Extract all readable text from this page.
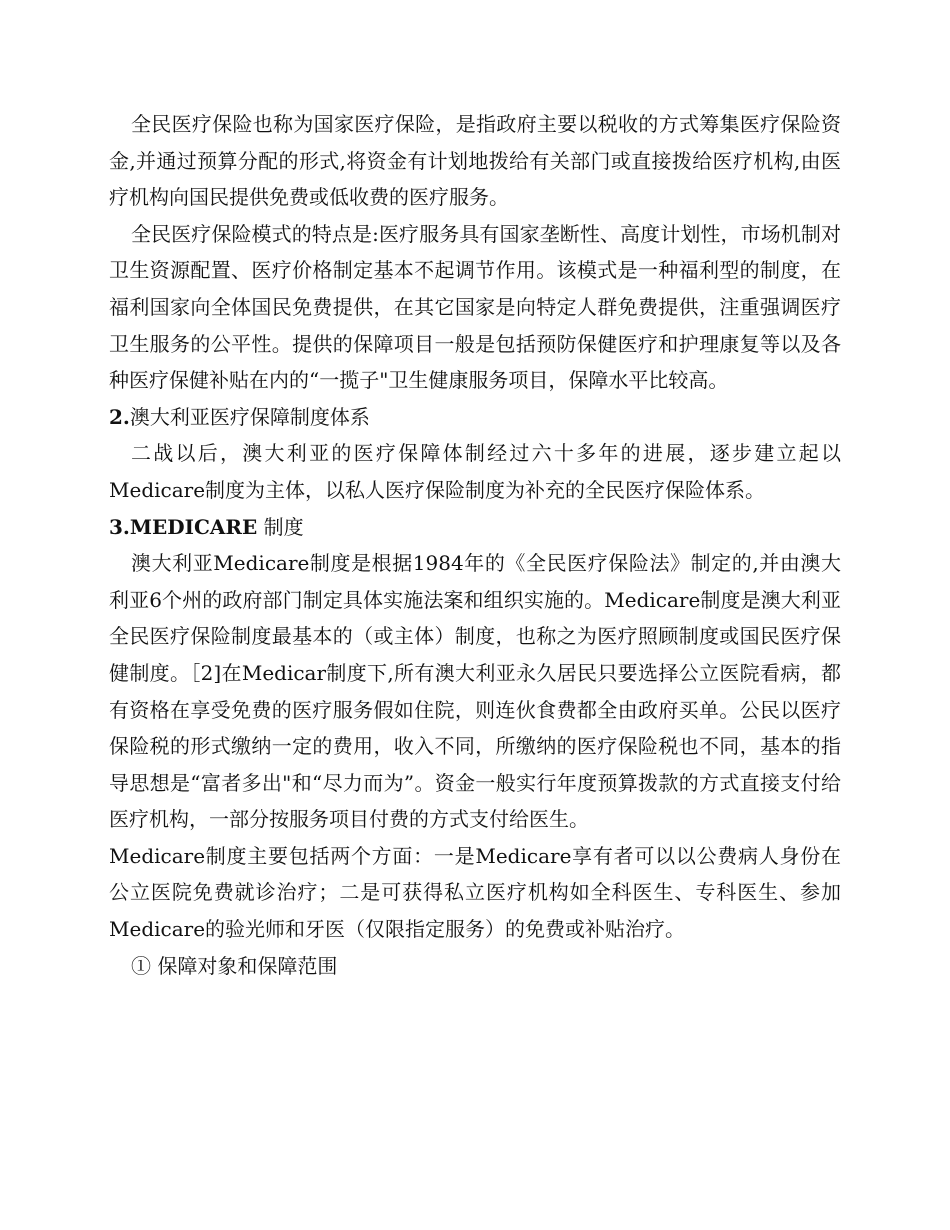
全民医疗保险也称为国家医疗保险，是指政府主要以税收的方式筹集医疗保险资金,并通过预算分配的形式,将资金有计划地拨给有关部门或直接拨给医疗机构,由医疗机构向国民提供免费或低收费的医疗服务。

全民医疗保险模式的特点是:医疗服务具有国家垄断性、高度计划性，市场机制对卫生资源配置、医疗价格制定基本不起调节作用。该模式是一种福利型的制度，在福利国家向全体国民免费提供，在其它国家是向特定人群免费提供，注重强调医疗卫生服务的公平性。提供的保障项目一般是包括预防保健医疗和护理康复等以及各种医疗保健补贴在内的“一揽子"卫生健康服务项目，保障水平比较高。

2.澳大利亚医疗保障制度体系

二战以后，澳大利亚的医疗保障体制经过六十多年的进展，逐步建立起以Medicare制度为主体，以私人医疗保险制度为补充的全民医疗保险体系。

3.MEDICARE 制度

澳大利亚Medicare制度是根据1984年的《全民医疗保险法》制定的,并由澳大利亚6个州的政府部门制定具体实施法案和组织实施的。Medicare制度是澳大利亚全民医疗保险制度最基本的（或主体）制度，也称之为医疗照顾制度或国民医疗保健制度。［2]在Medicar制度下,所有澳大利亚永久居民只要选择公立医院看病，都有资格在享受免费的医疗服务假如住院，则连伙食费都全由政府买单。公民以医疗保险税的形式缴纳一定的费用，收入不同，所缴纳的医疗保险税也不同，基本的指导思想是“富者多出"和“尽力而为”。资金一般实行年度预算拨款的方式直接支付给医疗机构，一部分按服务项目付费的方式支付给医生。

Medicare制度主要包括两个方面：一是Medicare享有者可以以公费病人身份在公立医院免费就诊治疗；二是可获得私立医疗机构如全科医生、专科医生、参加Medicare的验光师和牙医（仅限指定服务）的免费或补贴治疗。

① 保障对象和保障范围
